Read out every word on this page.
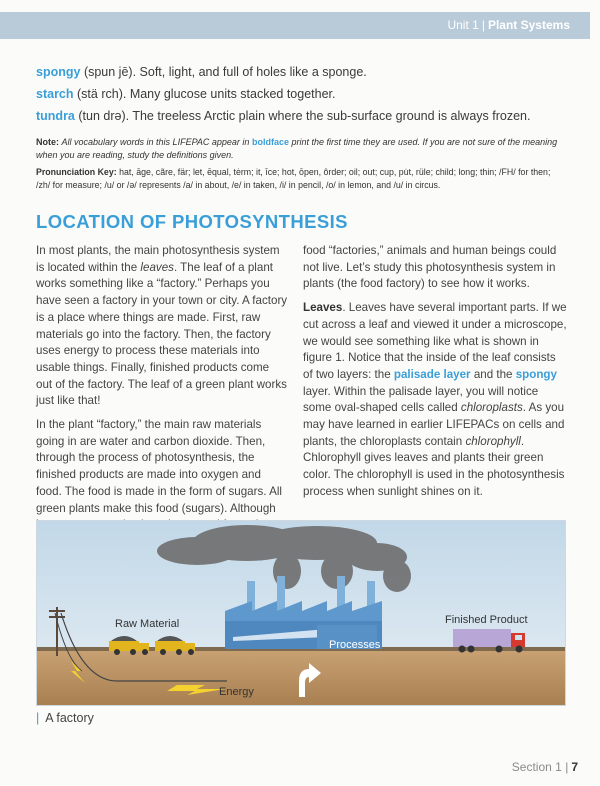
Unit 1 | Plant Systems
spongy (spun jē). Soft, light, and full of holes like a sponge.
starch (stä rch). Many glucose units stacked together.
tundra (tun drə). The treeless Arctic plain where the sub-surface ground is always frozen.
Note: All vocabulary words in this LIFEPAC appear in boldface print the first time they are used. If you are not sure of the meaning when you are reading, study the definitions given.
Pronunciation Key: hat, āge, cãre, fär; let, ēqual, tėrm; it, īce; hot, ōpen, ôrder; oil; out; cup, pu̇t, rüle; child; long; thin; /FH/ for then; /zh/ for measure; /u/ or /ə/ represents /a/ in about, /e/ in taken, /i/ in pencil, /o/ in lemon, and /u/ in circus.
LOCATION OF PHOTOSYNTHESIS

In most plants, the main photosynthesis system is located within the leaves. The leaf of a plant works something like a “factory.” Perhaps you have seen a factory in your town or city. A factory is a place where things are made. First, raw materials go into the factory. Then, the factory uses energy to process these materials into usable things. Finally, finished products come out of the factory. The leaf of a green plant works just like that!

In the plant “factory,” the main raw materials going in are water and carbon dioxide. Then, through the process of photosynthesis, the finished products are made into oxygen and food. The food is made in the form of sugars. All green plants make this food (sugars). Although

food “factories,” animals and human beings could not live. Let’s study this photosynthesis system in plants (the food factory) to see how it works.

Leaves. Leaves have several important parts. If we cut across a leaf and viewed it under a microscope, we would see something like what is shown in figure 1. Notice that the inside of the leaf consists of two layers: the palisade layer and the spongy layer. Within the palisade layer, you will notice some oval-shaped cells called chloroplasts. As you may have learned in earlier LIFEPACs on cells and plants, the chloroplasts contain chlorophyll. Chlorophyll gives leaves and plants their green color. The chlorophyll is used in the photosynthesis process when sunlight shines on it.

Raw Material
Processes
Finished Product
Energy
| A factory
Section 1 | 7
